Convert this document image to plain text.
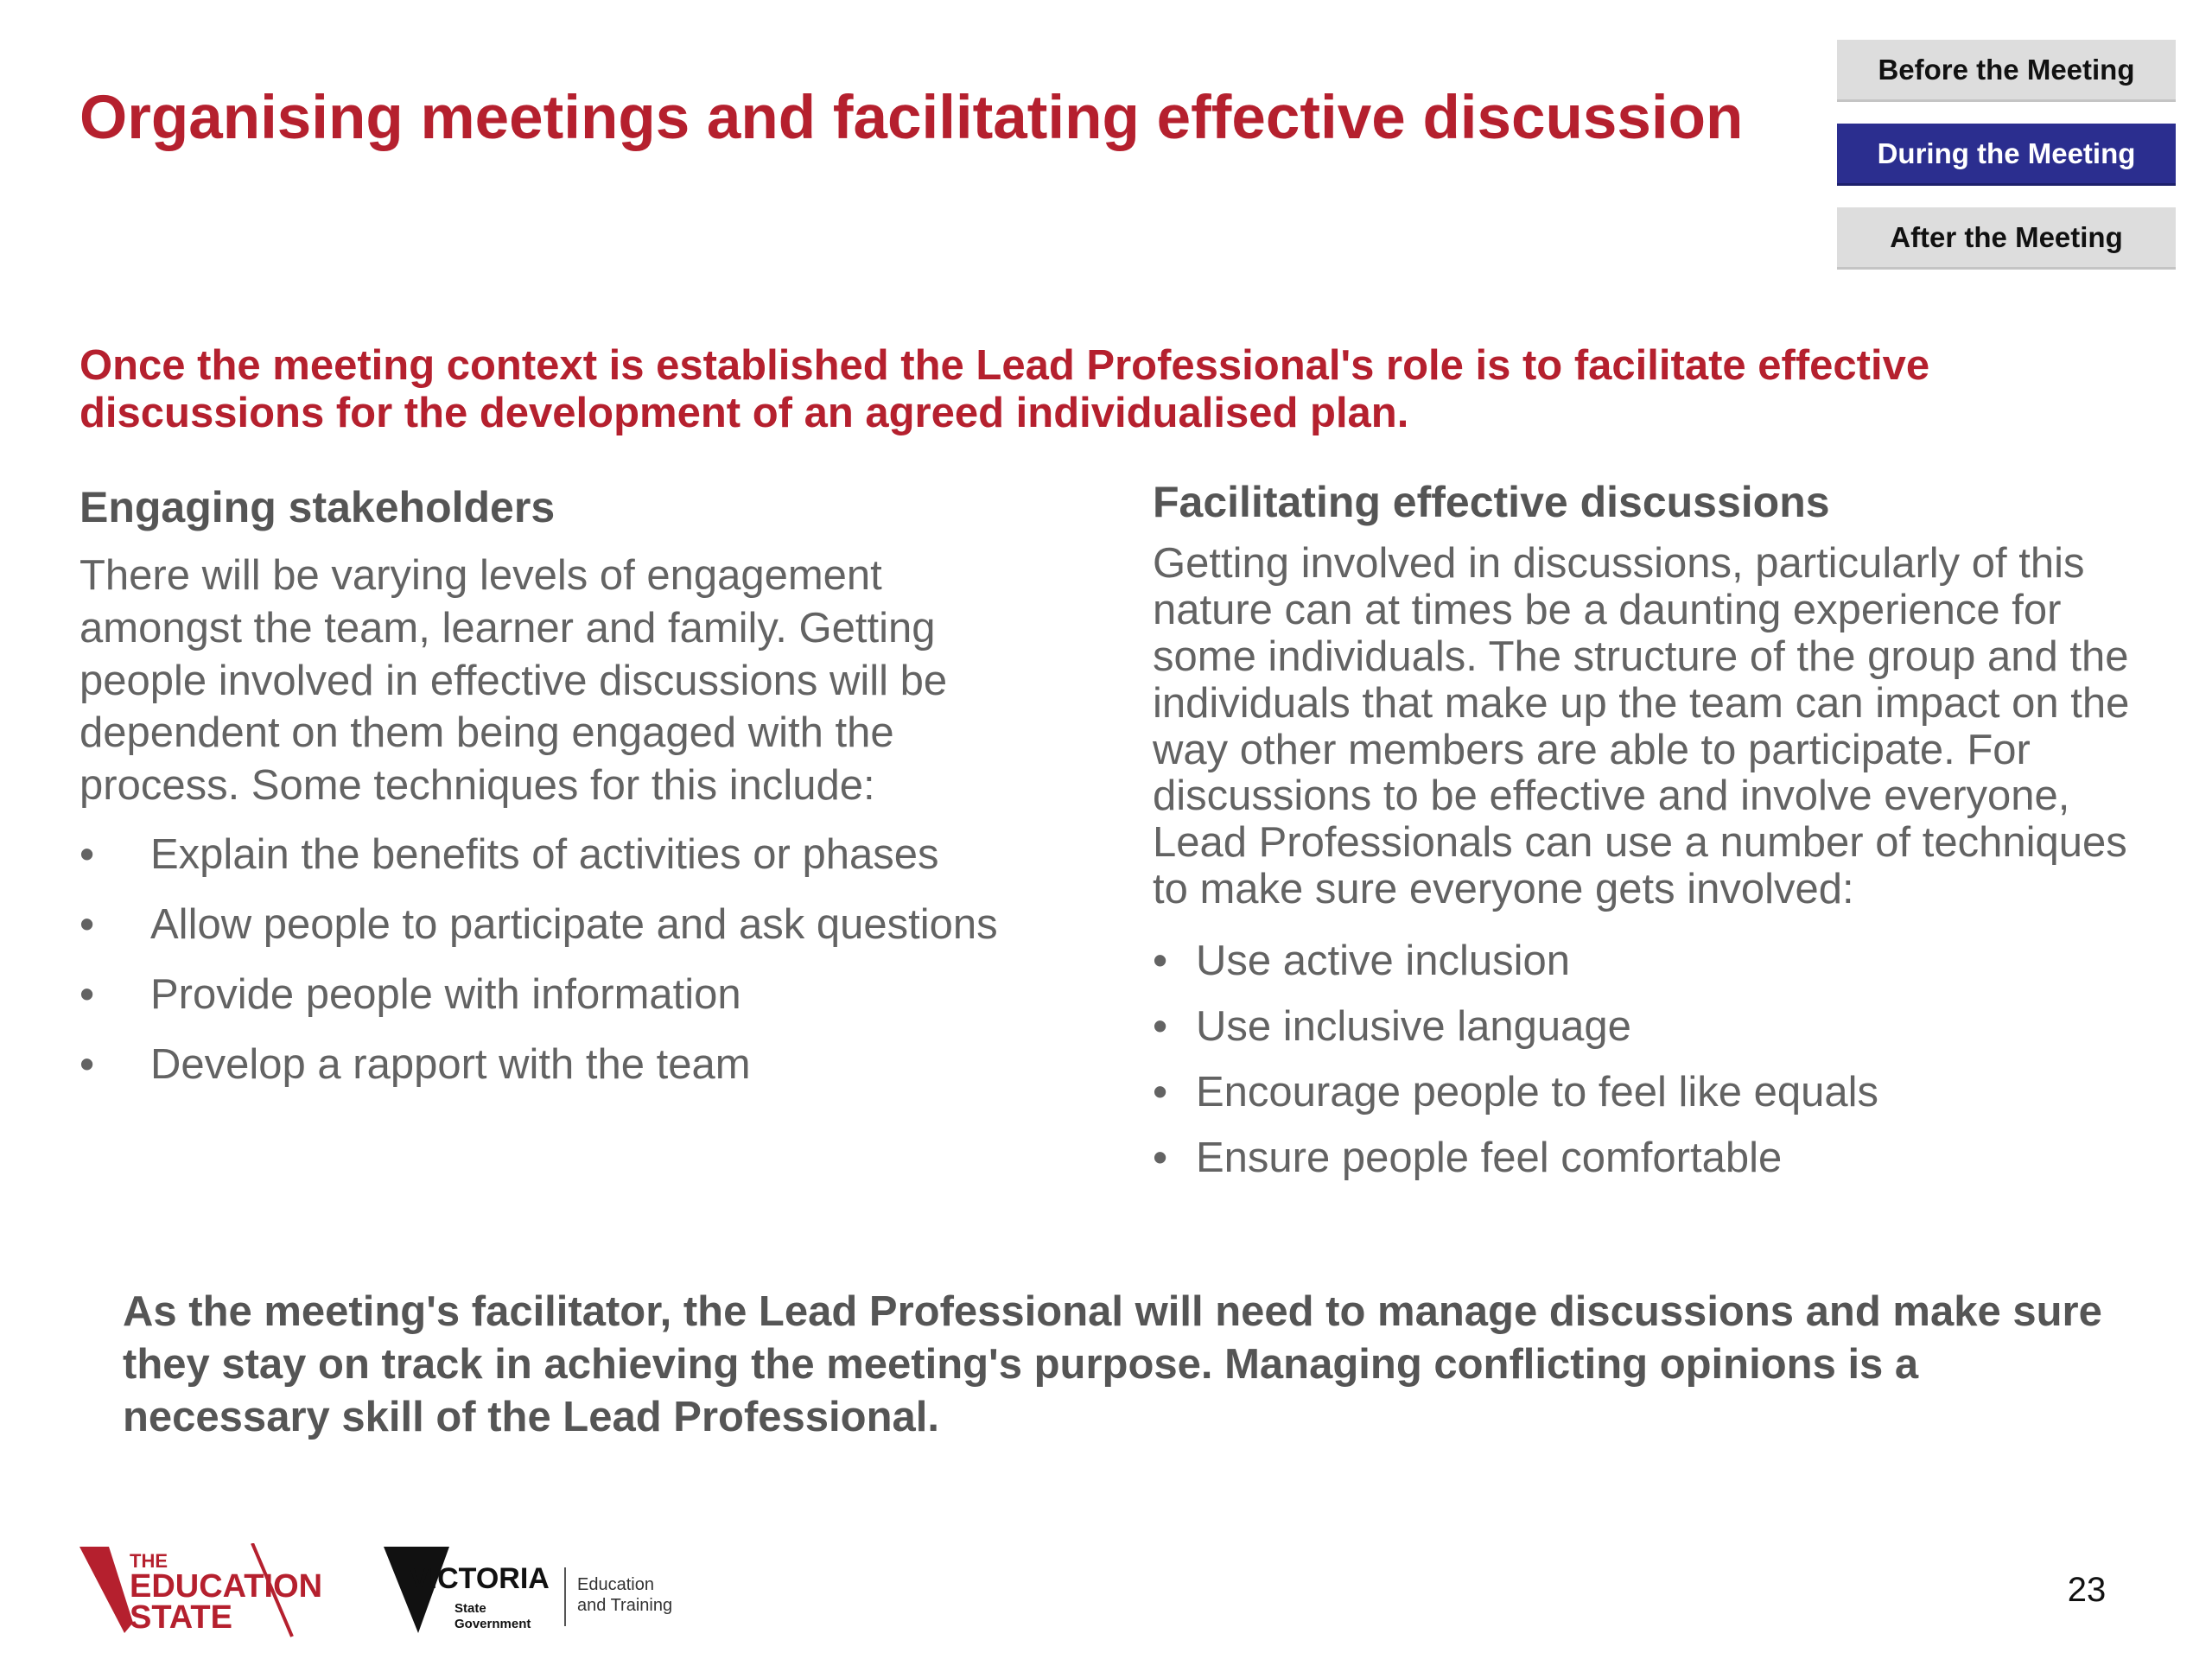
Organising meetings and facilitating effective discussion
Before the Meeting
During the Meeting
After the Meeting
Once the meeting context is established the Lead Professional's role is to facilitate effective discussions for the development of an agreed individualised plan.
Engaging stakeholders
There will be varying levels of engagement amongst the team, learner and family. Getting people involved in effective discussions will be dependent on them being engaged with the process. Some techniques for this include:
• Explain the benefits of activities or phases
• Allow people to participate and ask questions
• Provide people with information
• Develop a rapport with the team
Facilitating effective discussions
Getting involved in discussions, particularly of this nature can at times be a daunting experience for some individuals. The structure of the group and the individuals that make up the team can impact on the way other members are able to participate. For discussions to be effective and involve everyone, Lead Professionals can use a number of techniques to make sure everyone gets involved:
• Use active inclusion
• Use inclusive language
• Encourage people to feel like equals
• Ensure people feel comfortable
As the meeting's facilitator, the Lead Professional will need to manage discussions and make sure they stay on track in achieving the meeting's purpose. Managing conflicting opinions is a necessary skill of the Lead Professional.
THE
EDUCATION
STATE
VICTORIA
State
Government
Education
and Training	23
